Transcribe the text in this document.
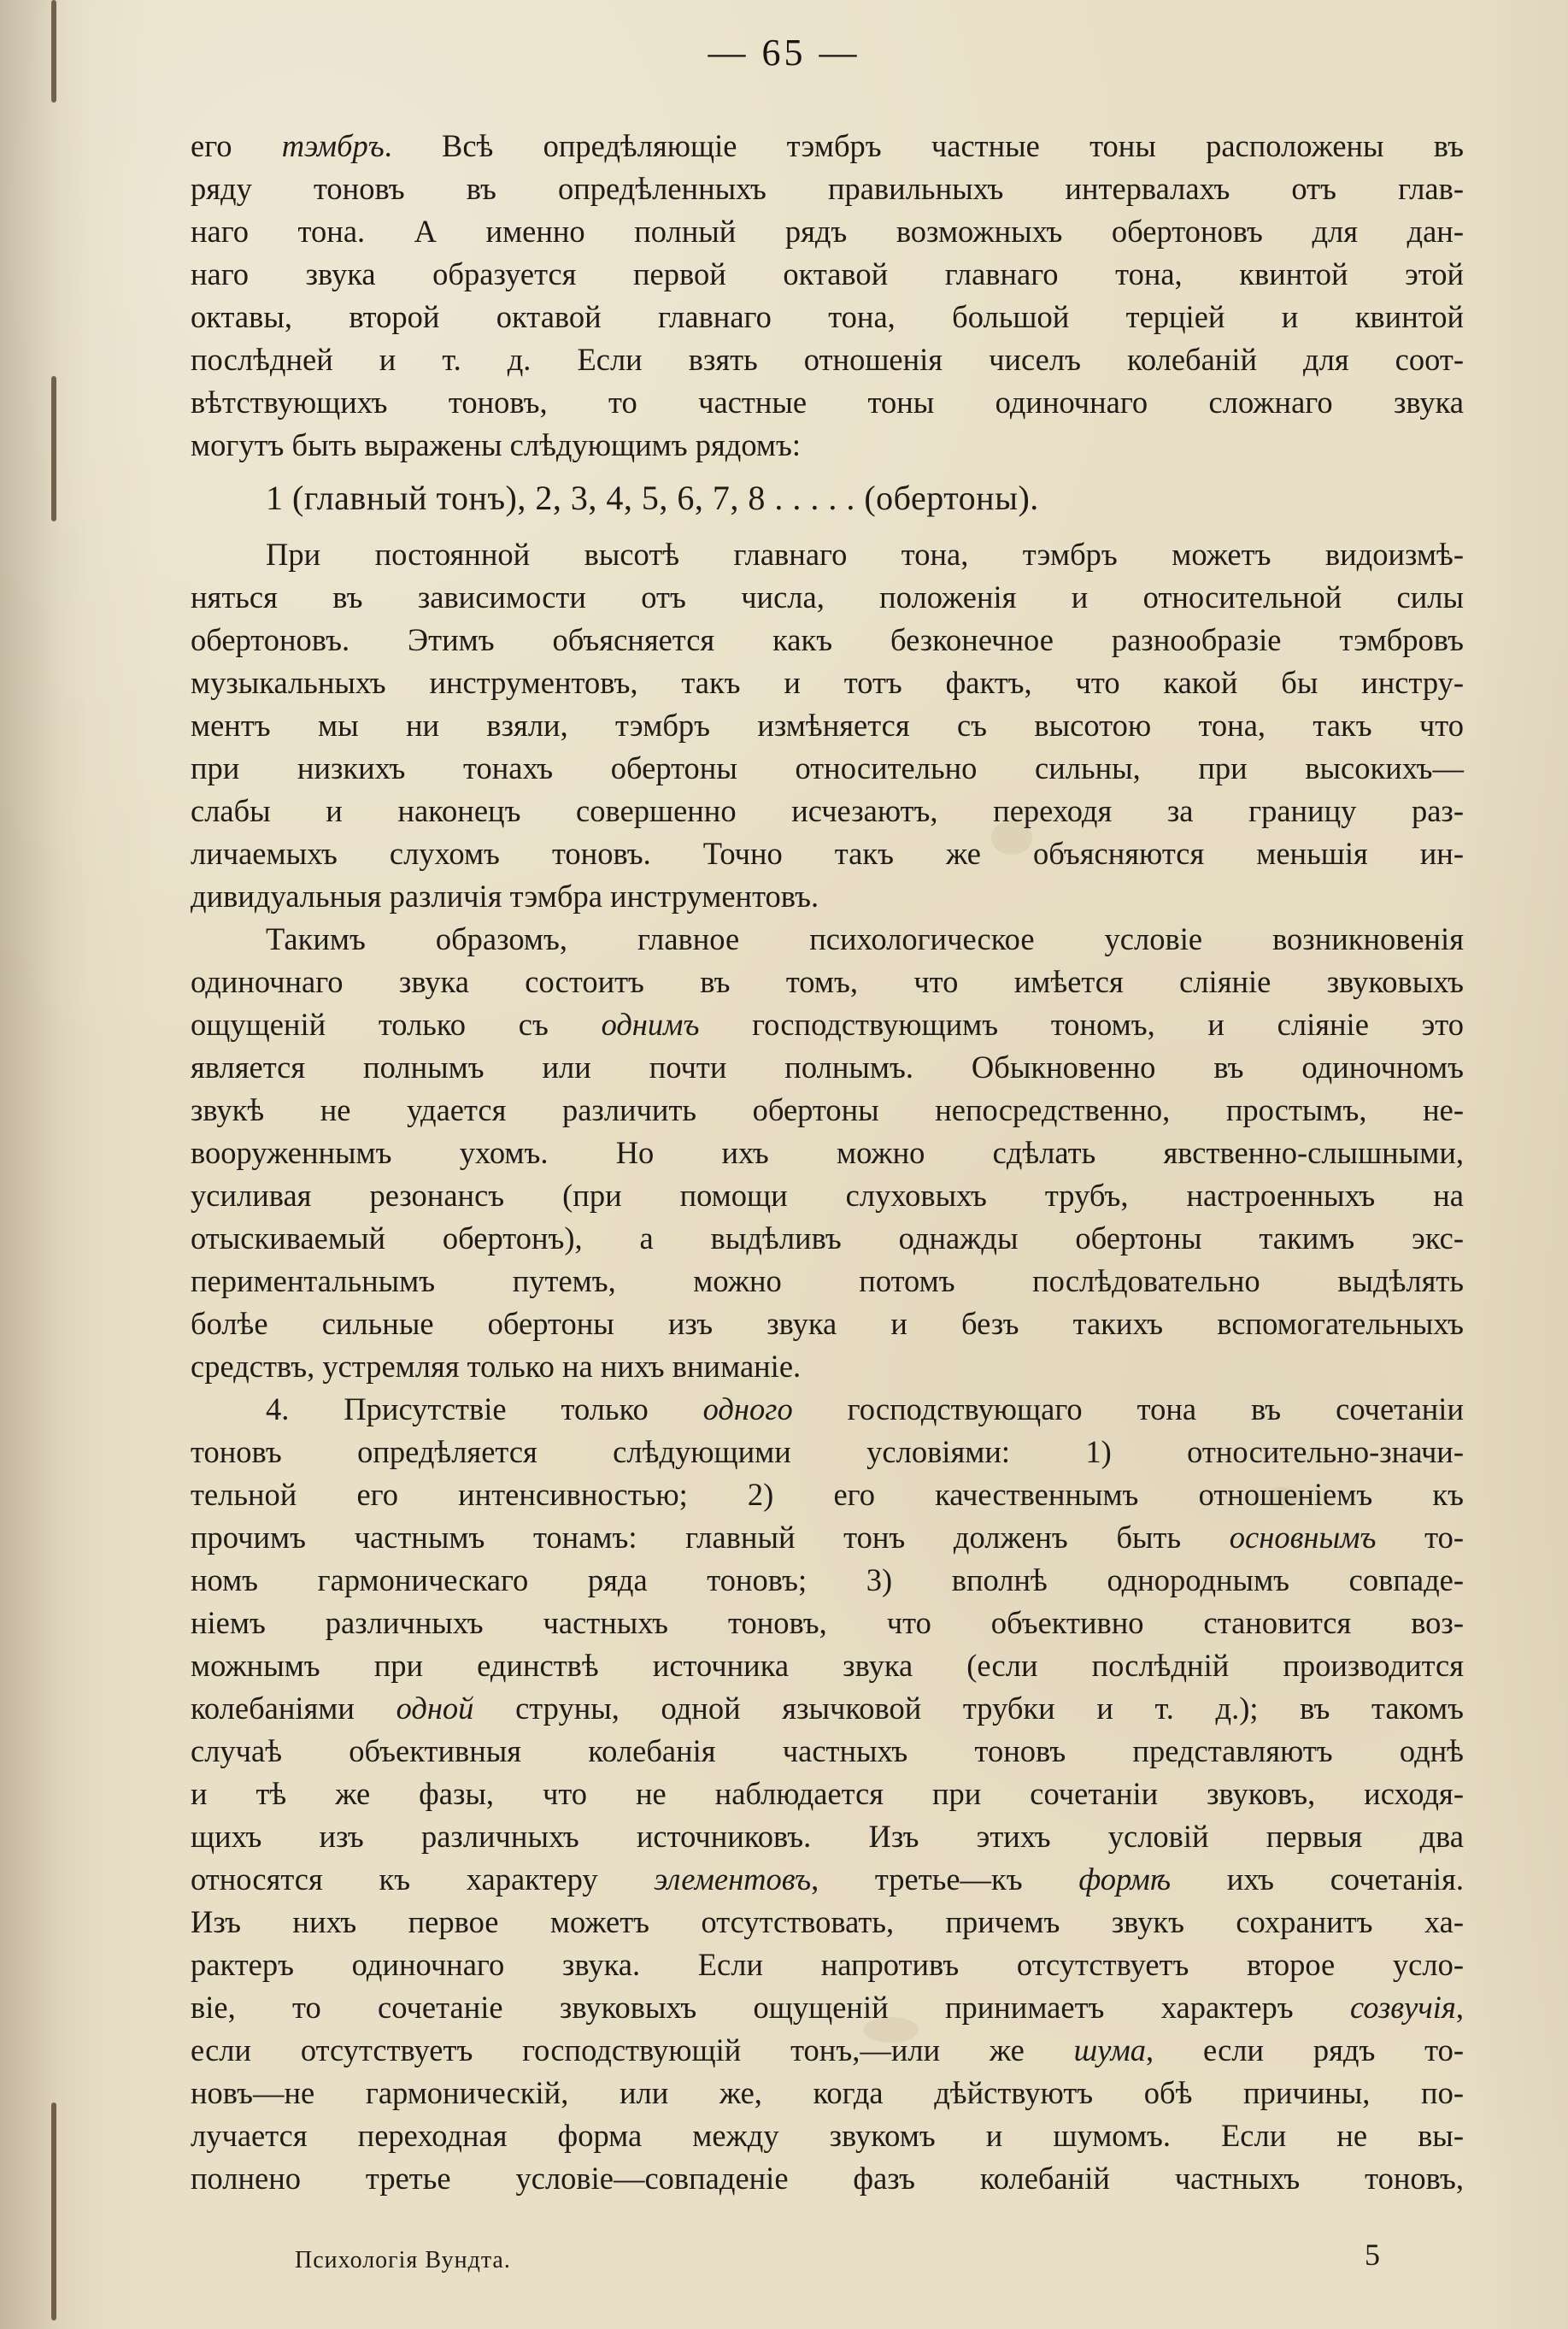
— 65 —
его тэмбръ. Всѣ опредѣляющіе тэмбръ частные тоны расположены въ
ряду тоновъ въ опредѣленныхъ правильныхъ интервалахъ отъ глав-
наго тона. А именно полный рядъ возможныхъ обертоновъ для дан-
наго звука образуется первой октавой главнаго тона, квинтой этой
октавы, второй октавой главнаго тона, большой терціей и квинтой
послѣдней и т. д. Если взять отношенія чиселъ колебаній для соот-
вѣтствующихъ тоновъ, то частные тоны одиночнаго сложнаго звука
могутъ быть выражены слѣдующимъ рядомъ:
1 (главный тонъ), 2, 3, 4, 5, 6, 7, 8 . . . . . (обертоны).
При постоянной высотѣ главнаго тона, тэмбръ можетъ видоизмѣ-
няться въ зависимости отъ числа, положенія и относительной силы
обертоновъ. Этимъ объясняется какъ безконечное разнообразіе тэмбровъ
музыкальныхъ инструментовъ, такъ и тотъ фактъ, что какой бы инстру-
ментъ мы ни взяли, тэмбръ измѣняется съ высотою тона, такъ что
при низкихъ тонахъ обертоны относительно сильны, при высокихъ—
слабы и наконецъ совершенно исчезаютъ, переходя за границу раз-
личаемыхъ слухомъ тоновъ. Точно такъ же объясняются меньшія ин-
дивидуальныя различія тэмбра инструментовъ.
Такимъ образомъ, главное психологическое условіе возникновенія
одиночнаго звука состоитъ въ томъ, что имѣется сліяніе звуковыхъ
ощущеній только съ однимъ господствующимъ тономъ, и сліяніе это
является полнымъ или почти полнымъ. Обыкновенно въ одиночномъ
звукѣ не удается различить обертоны непосредственно, простымъ, не-
вооруженнымъ ухомъ. Но ихъ можно сдѣлать явственно-слышными,
усиливая резонансъ (при помощи слуховыхъ трубъ, настроенныхъ на
отыскиваемый обертонъ), а выдѣливъ однажды обертоны такимъ экс-
периментальнымъ путемъ, можно потомъ послѣдовательно выдѣлять
болѣе сильные обертоны изъ звука и безъ такихъ вспомогательныхъ
средствъ, устремляя только на нихъ вниманіе.
4. Присутствіе только одного господствующаго тона въ сочетаніи
тоновъ опредѣляется слѣдующими условіями: 1) относительно-значи-
тельной его интенсивностью; 2) его качественнымъ отношеніемъ къ
прочимъ частнымъ тонамъ: главный тонъ долженъ быть основнымъ то-
номъ гармоническаго ряда тоновъ; 3) вполнѣ однороднымъ совпаде-
ніемъ различныхъ частныхъ тоновъ, что объективно становится воз-
можнымъ при единствѣ источника звука (если послѣдній производится
колебаніями одной струны, одной язычковой трубки и т. д.); въ такомъ
случаѣ объективныя колебанія частныхъ тоновъ представляютъ однѣ
и тѣ же фазы, что не наблюдается при сочетаніи звуковъ, исходя-
щихъ изъ различныхъ источниковъ. Изъ этихъ условій первыя два
относятся къ характеру элементовъ, третье—къ формѣ ихъ сочетанія.
Изъ нихъ первое можетъ отсутствовать, причемъ звукъ сохранитъ ха-
рактеръ одиночнаго звука. Если напротивъ отсутствуетъ второе усло-
віе, то сочетаніе звуковыхъ ощущеній принимаетъ характеръ созвучія,
если отсутствуетъ господствующій тонъ,—или же шума, если рядъ то-
новъ—не гармоническій, или же, когда дѣйствуютъ обѣ причины, по-
лучается переходная форма между звукомъ и шумомъ. Если не вы-
полнено третье условіе—совпаденіе фазъ колебаній частныхъ тоновъ,
Психологія Вундта.	5
